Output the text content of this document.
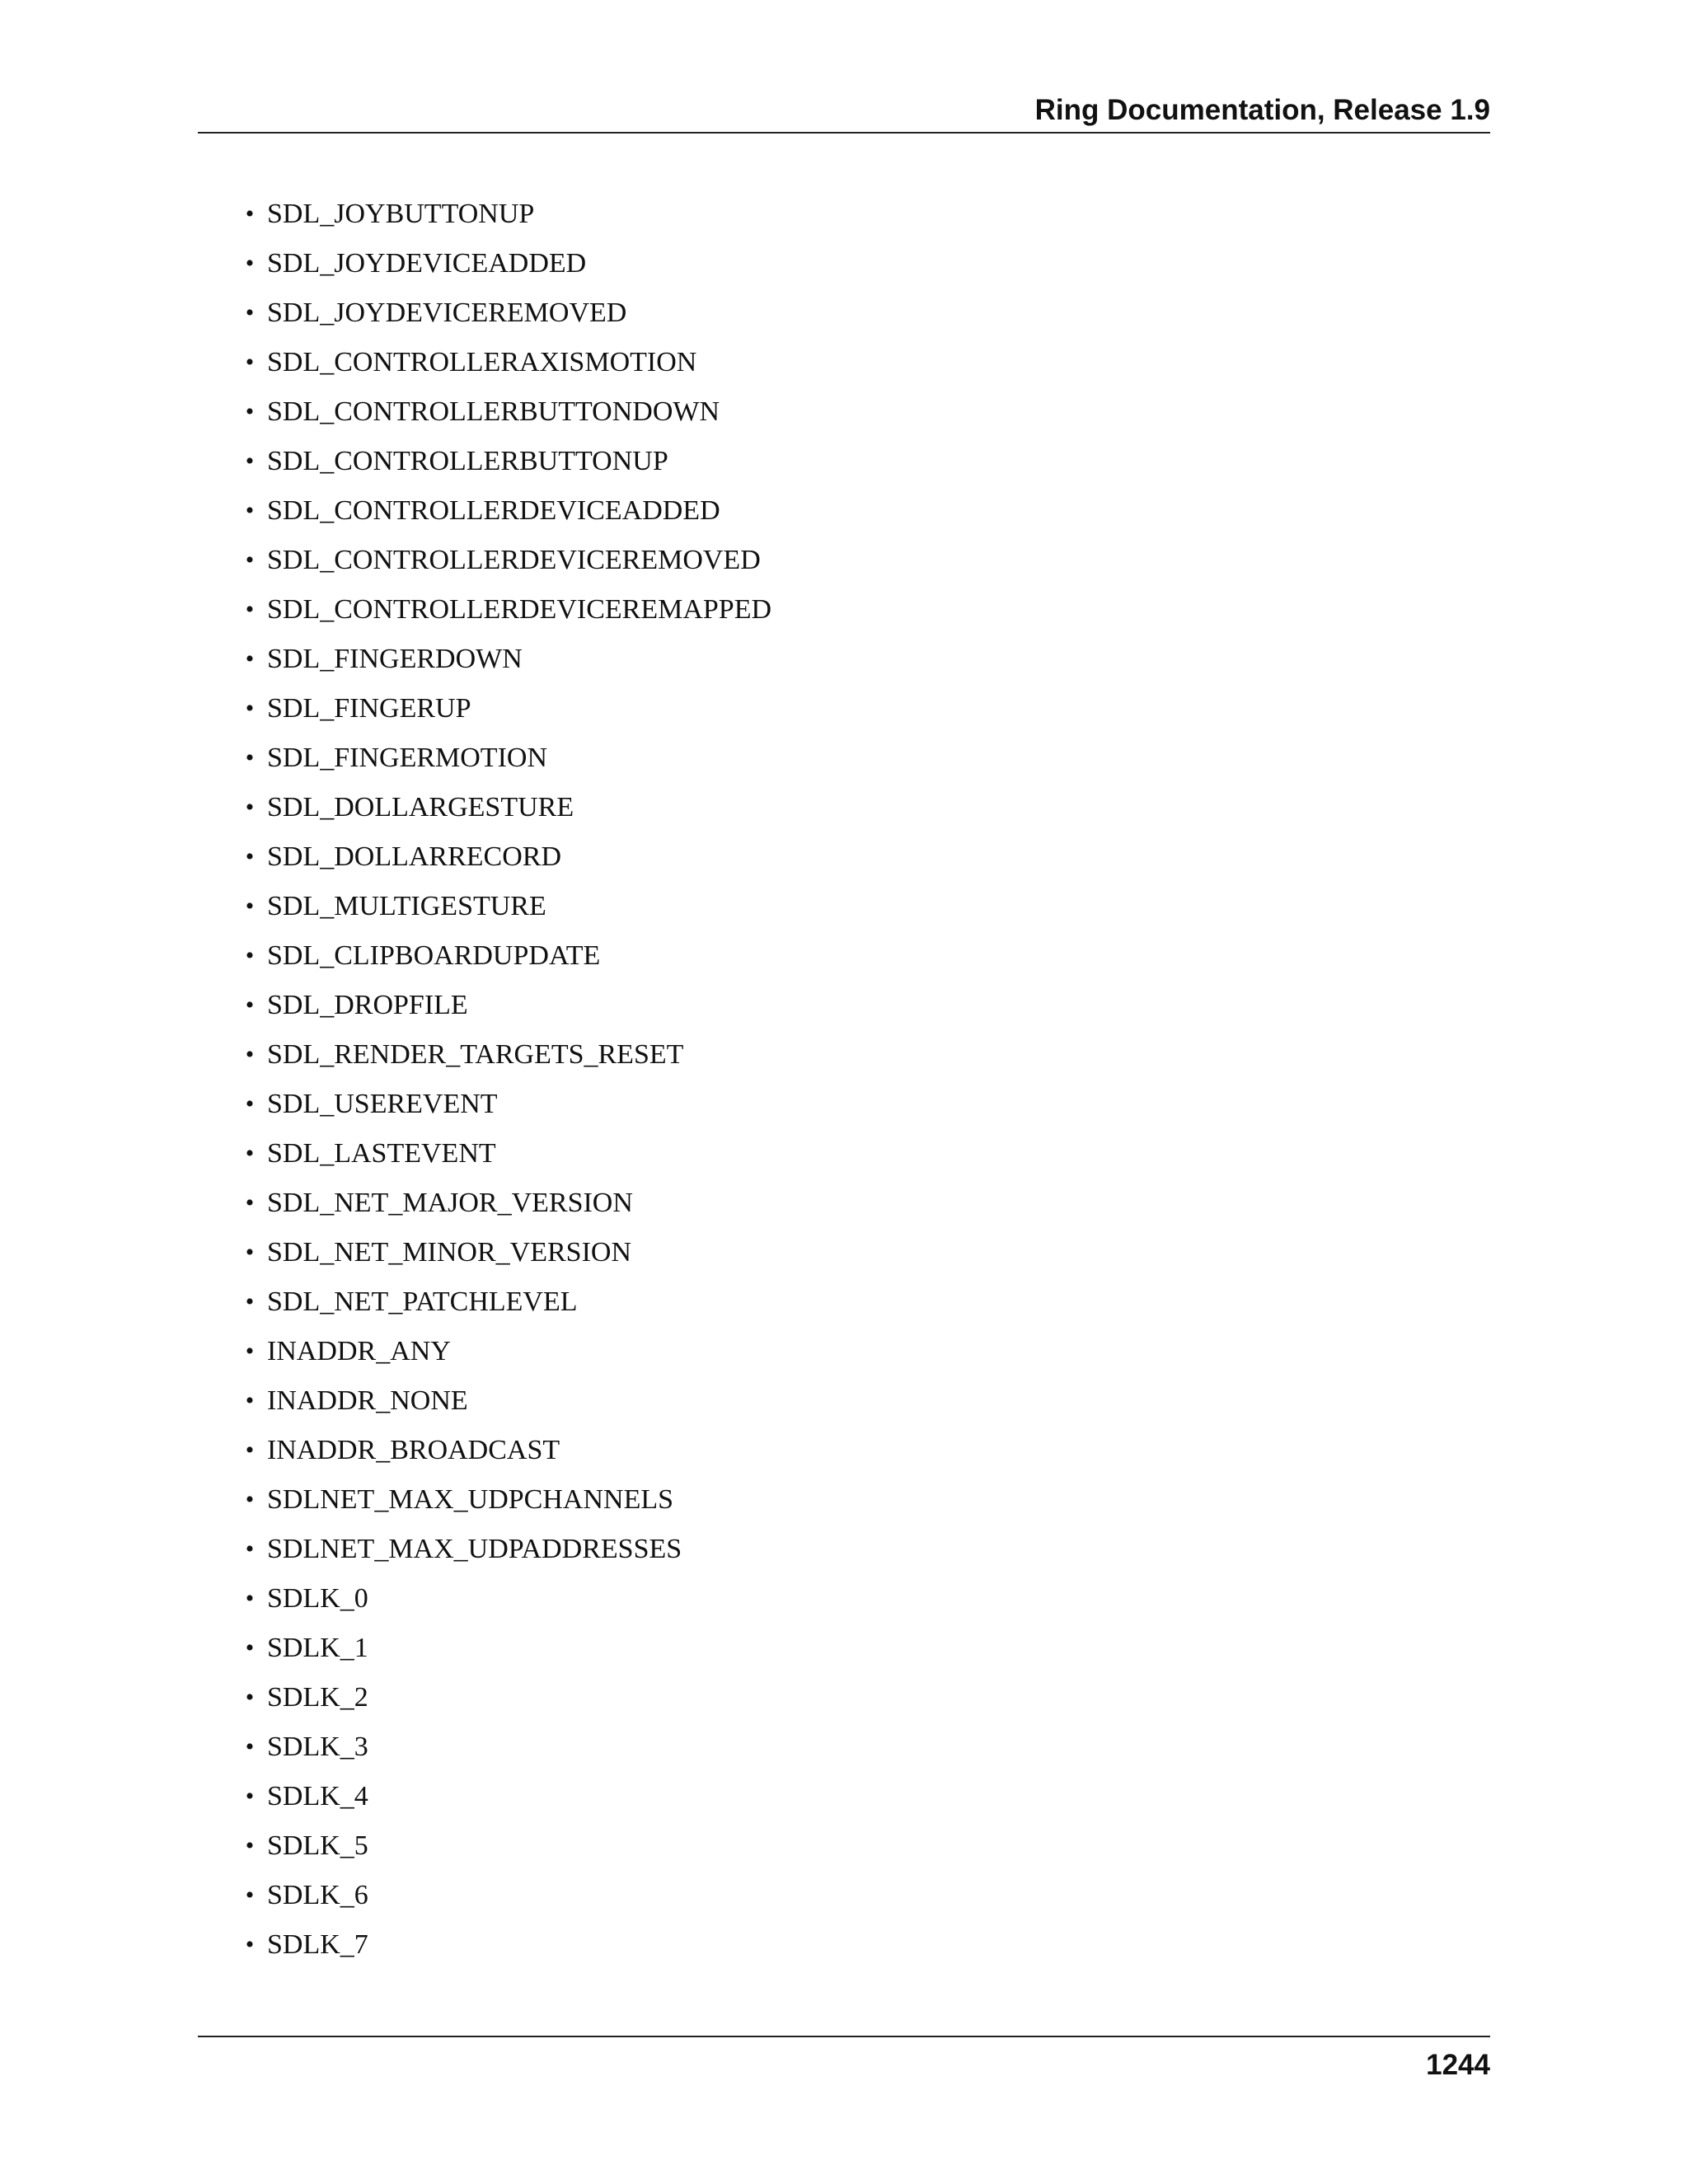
Ring Documentation, Release 1.9
• SDL_JOYBUTTONUP
• SDL_JOYDEVICEADDED
• SDL_JOYDEVICEREMOVED
• SDL_CONTROLLERAXISMOTION
• SDL_CONTROLLERBUTTONDOWN
• SDL_CONTROLLERBUTTONUP
• SDL_CONTROLLERDEVICEADDED
• SDL_CONTROLLERDEVICEREMOVED
• SDL_CONTROLLERDEVICEREMAPPED
• SDL_FINGERDOWN
• SDL_FINGERUP
• SDL_FINGERMOTION
• SDL_DOLLARGESTURE
• SDL_DOLLARRECORD
• SDL_MULTIGESTURE
• SDL_CLIPBOARDUPDATE
• SDL_DROPFILE
• SDL_RENDER_TARGETS_RESET
• SDL_USEREVENT
• SDL_LASTEVENT
• SDL_NET_MAJOR_VERSION
• SDL_NET_MINOR_VERSION
• SDL_NET_PATCHLEVEL
• INADDR_ANY
• INADDR_NONE
• INADDR_BROADCAST
• SDLNET_MAX_UDPCHANNELS
• SDLNET_MAX_UDPADDRESSES
• SDLK_0
• SDLK_1
• SDLK_2
• SDLK_3
• SDLK_4
• SDLK_5
• SDLK_6
• SDLK_7
1244
